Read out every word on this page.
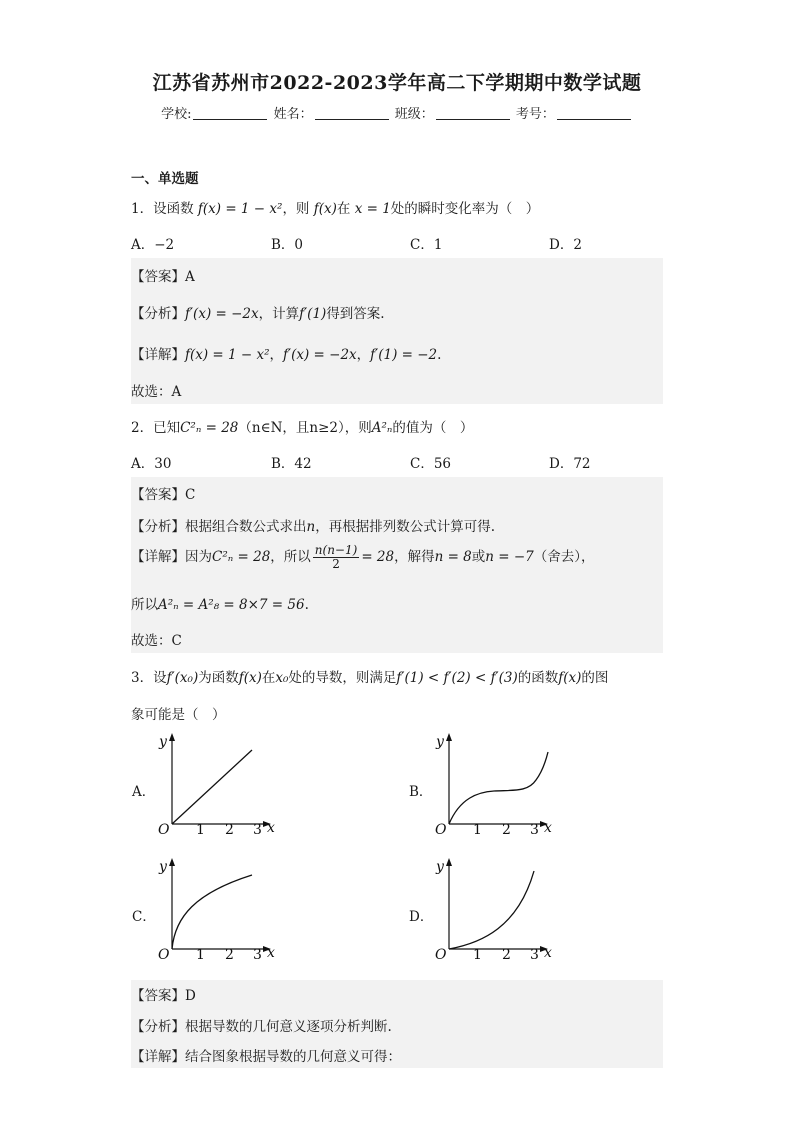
江苏省苏州市2022-2023学年高二下学期期中数学试题
学校:	姓名：	班级：	考号：
一、单选题
1．设函数 f(x) = 1 − x²，则 f(x)在 x = 1处的瞬时变化率为（　）
A．−2	B．0	C．1	D．2
【答案】A
【分析】f′(x) = −2x，计算f′(1)得到答案.
【详解】f(x) = 1 − x²，f′(x) = −2x，f′(1) = −2.
故选：A
2．已知C²ₙ = 28（n∈N，且n≥2），则A²ₙ的值为（　）
A．30	B．42	C．56	D．72
【答案】C
【分析】根据组合数公式求出n，再根据排列数公式计算可得.
【详解】因为C²ₙ = 28，所以 $\frac{n(n-1)}{2} = 28$，解得n = 8或n = −7（舍去），
所以A²ₙ = A²₈ = 8×7 = 56.
故选：C
3．设f′(x₀)为函数f(x)在x₀处的导数，则满足f′(1) < f′(2) < f′(3)的函数f(x)的图
象可能是（　）
A．
y
x
O 1 2 3
B．
y
x
O 1 2 3
C．
y
x
O 1 2 3
D．
y
x
O 1 2 3
【答案】D
【分析】根据导数的几何意义逐项分析判断.
【详解】结合图象根据导数的几何意义可得：
